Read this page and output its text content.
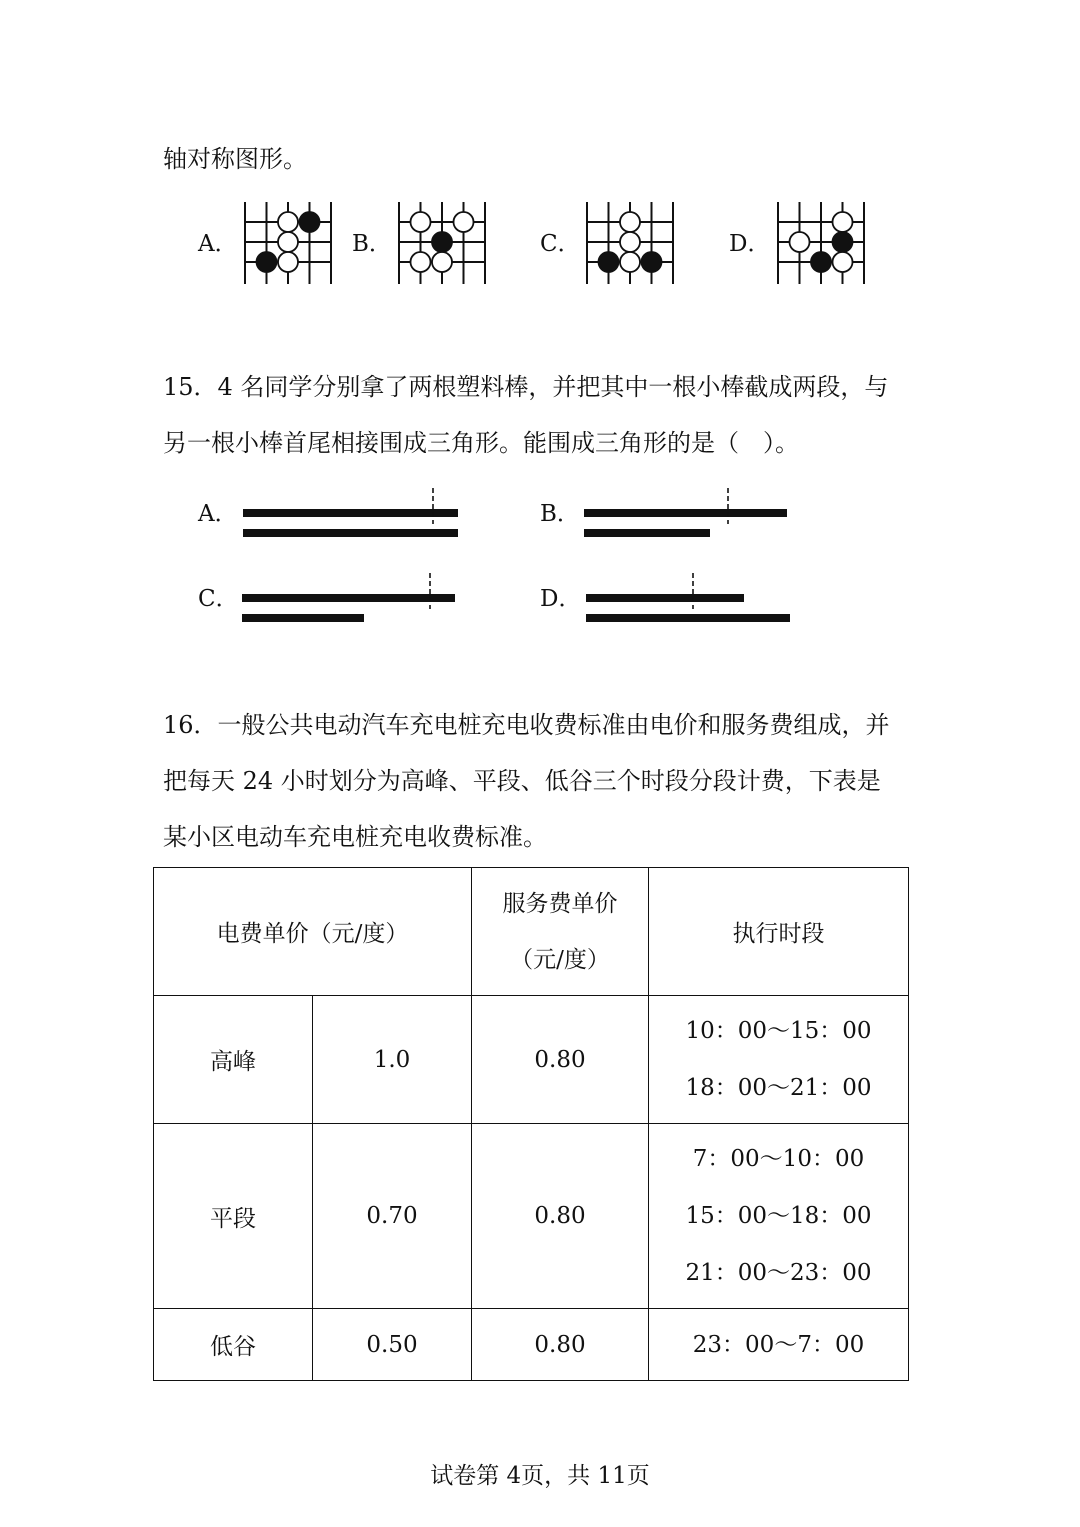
轴对称图形。
A．	B．	C．	D．
15．4 名同学分别拿了两根塑料棒，并把其中一根小棒截成两段，与
另一根小棒首尾相接围成三角形。能围成三角形的是（　）。
A．	B．
C．	D．
16．一般公共电动汽车充电桩充电收费标准由电价和服务费组成，并
把每天 24 小时划分为高峰、平段、低谷三个时段分段计费，下表是
某小区电动车充电桩充电收费标准。
电费单价（元/度）		服务费单价
（元/度）	执行时段
高峰	1.0	0.80	10：00～15：00
18：00～21：00

平段	0.70	0.80	7：00～10：00
15：00～18：00
21：00～23：00

低谷	0.50	0.80	23：00～7：00
试卷第 4页，共 11页
